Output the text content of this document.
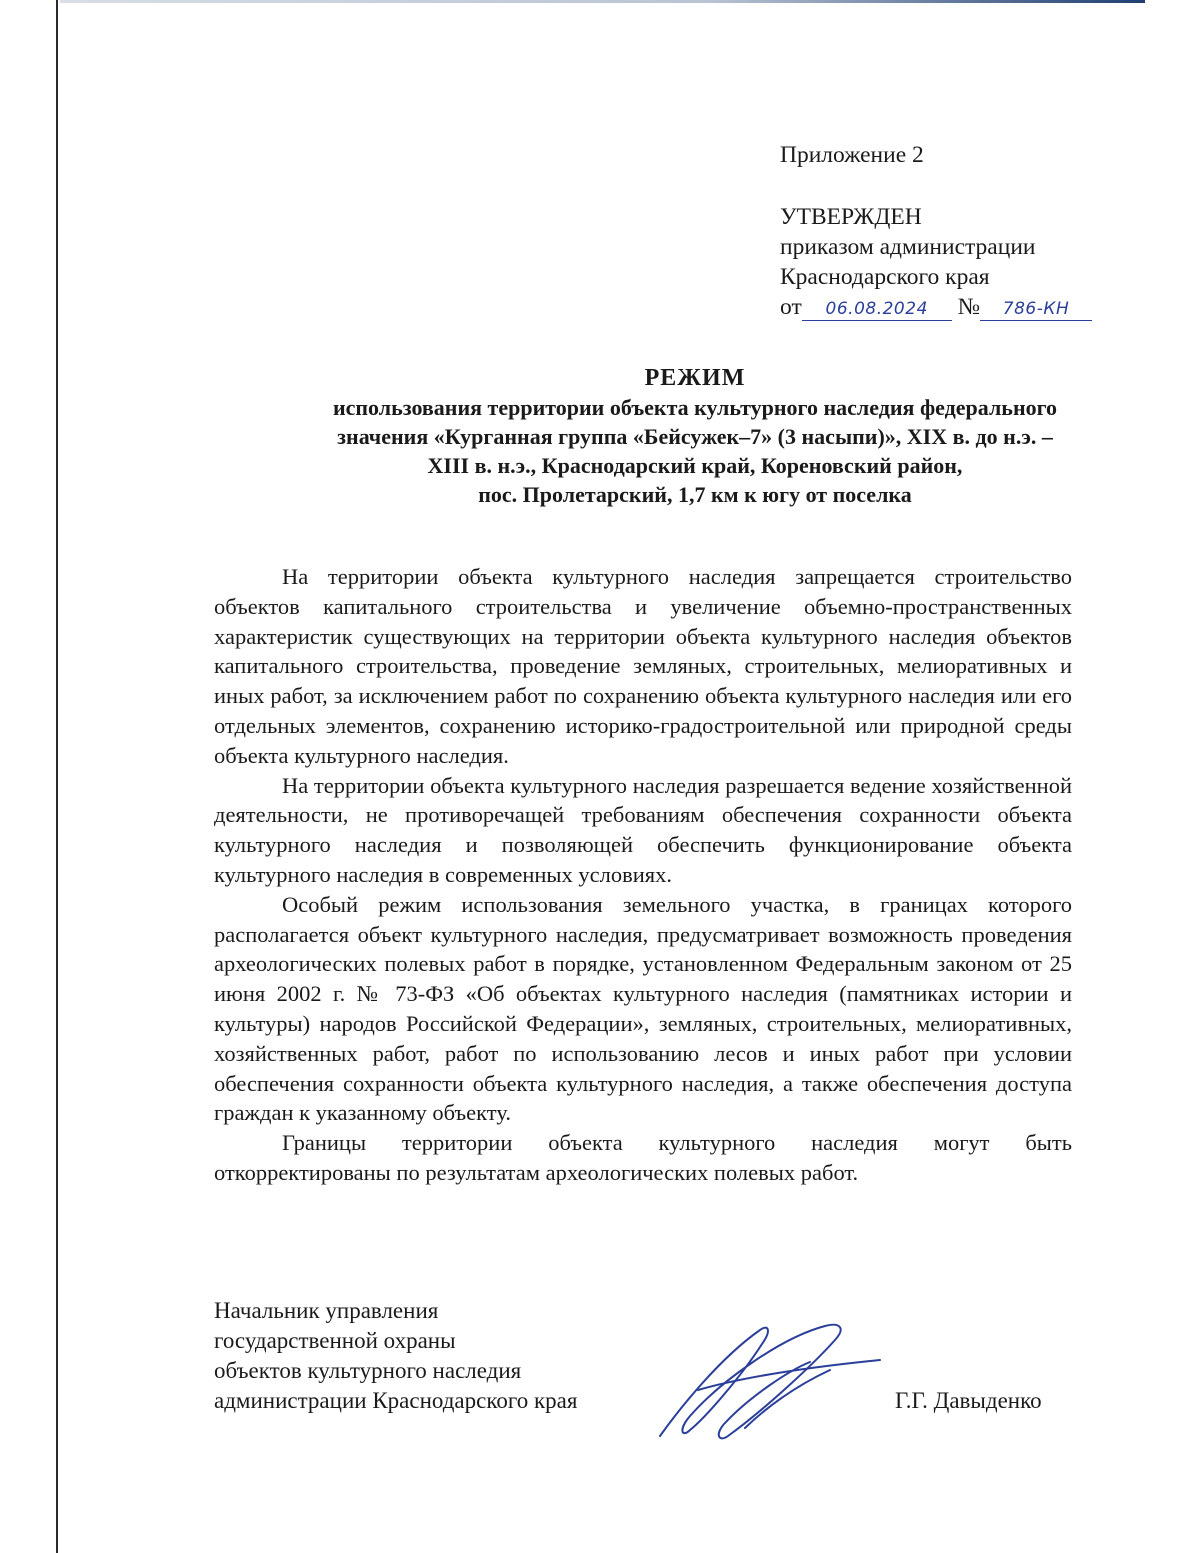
Приложение 2
УТВЕРЖДЕН
приказом администрации
Краснодарского края
от 06.08.2024 № 786-КН
РЕЖИМ
использования территории объекта культурного наследия федерального
значения «Курганная группа «Бейсужек–7» (3 насыпи)», XIX в. до н.э. –
XIII в. н.э., Краснодарский край, Кореновский район,
пос. Пролетарский, 1,7 км к югу от поселка

На территории объекта культурного наследия запрещается строительство объектов капитального строительства и увеличение объемно-пространственных характеристик существующих на территории объекта культурного наследия объектов капитального строительства, проведение земляных, строительных, мелиоративных и иных работ, за исключением работ по сохранению объекта культурного наследия или его отдельных элементов, сохранению историко-градостроительной или природной среды объекта культурного наследия.

На территории объекта культурного наследия разрешается ведение хозяйственной деятельности, не противоречащей требованиям обеспечения сохранности объекта культурного наследия и позволяющей обеспечить функционирование объекта культурного наследия в современных условиях.

Особый режим использования земельного участка, в границах которого располагается объект культурного наследия, предусматривает возможность проведения археологических полевых работ в порядке, установленном Федеральным законом от 25 июня 2002 г. № 73-ФЗ «Об объектах культурного наследия (памятниках истории и культуры) народов Российской Федерации», земляных, строительных, мелиоративных, хозяйственных работ, работ по использованию лесов и иных работ при условии обеспечения сохранности объекта культурного наследия, а также обеспечения доступа граждан к указанному объекту.

Границы территории объекта культурного наследия могут быть откорректированы по результатам археологических полевых работ.

Начальник управления
государственной охраны
объектов культурного наследия
администрации Краснодарского края	Г.Г. Давыденко
